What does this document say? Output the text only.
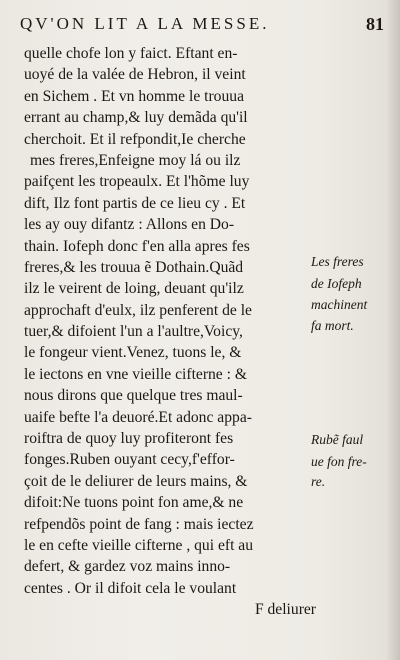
QV'ON LIT A LA MESSE.	81
quelle chofe lon y faict. Eftant en-
uoyé de la valée de Hebron, il veint
en Sichem . Et vn homme le trouua
errant au champ,& luy demãda qu'il
cherchoit. Et il refpondit,Ie cherche
mes freres,Enfeigne moy lá ou ilz
paifçent les tropeaulx. Et l'hõme luy
dift, Ilz font partis de ce lieu cy . Et
les ay ouy difantz : Allons en Do-
thain. Iofeph donc f'en alla apres fes
freres,& les trouua ẽ Dothain.Quãd
ilz le veirent de loing, deuant qu'ilz
approchaft d'eulx, ilz penferent de le
tuer,& difoient l'un a l'aultre,Voicy,
le fongeur vient.Venez, tuons le, &
le iectons en vne vieille cifterne : &
nous dirons que quelque tres maul-
uaife befte l'a deuoré.Et adonc appa-
roiftra de quoy luy profiteront fes
fonges.Ruben ouyant cecy,f'effor-
çoit de le deliurer de leurs mains, &
difoit:Ne tuons point fon ame,& ne
refpendõs point de fang : mais iectez
le en cefte vieille cifterne , qui eft au
defert, & gardez voz mains inno-
centes . Or il difoit cela le voulant
F deliurer
Les freres
de Iofeph
machinent
fa mort.
Rubẽ faul
ue fon fre-
re.
